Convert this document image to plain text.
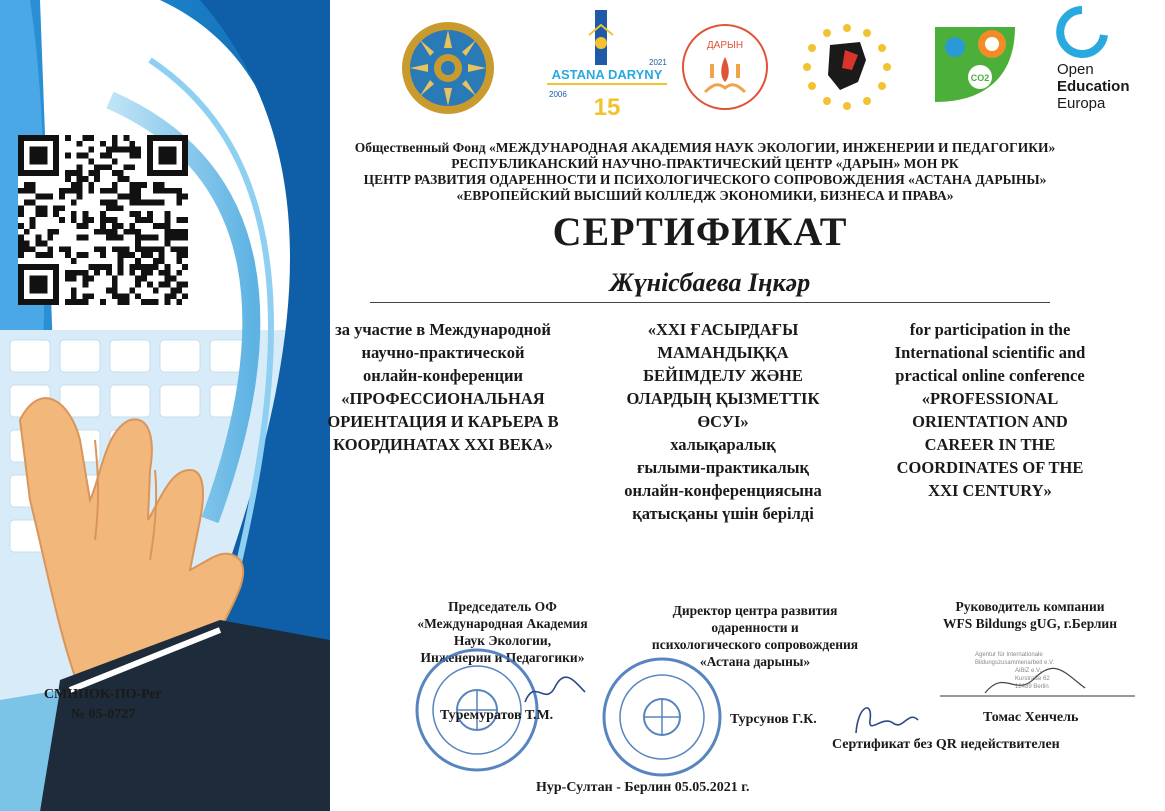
2021
ASTANA DARYNY
2006 15
ДАРЫН
CO2	Open
Education
Europa
Общественный Фонд «МЕЖДУНАРОДНАЯ АКАДЕМИЯ НАУК ЭКОЛОГИИ, ИНЖЕНЕРИИ И ПЕДАГОГИКИ»
РЕСПУБЛИКАНСКИЙ НАУЧНО-ПРАКТИЧЕСКИЙ ЦЕНТР «ДАРЫН» МОН РК
ЦЕНТР РАЗВИТИЯ ОДАРЕННОСТИ И ПСИХОЛОГИЧЕСКОГО СОПРОВОЖДЕНИЯ «АСТАНА ДАРЫНЫ»
«ЕВРОПЕЙСКИЙ ВЫСШИЙ КОЛЛЕДЖ ЭКОНОМИКИ, БИЗНЕСА И ПРАВА»
СЕРТИФИКАТ
Жүнісбаева Іңкәр
за участие в Международной
научно-практической
онлайн-конференции
«ПРОФЕССИОНАЛЬНАЯ
ОРИЕНТАЦИЯ И КАРЬЕРА В
КООРДИНАТАХ XXI ВЕКА»
«XXI ҒАСЫРДАҒЫ
МАМАНДЫҚҚА
БЕЙІМДЕЛУ ЖӘНЕ
ОЛАРДЫҢ ҚЫЗМЕТТІК
ӨСУІ»
халықаралық
ғылыми-практикалық
онлайн-конференциясына
қатысқаны үшін берілді
for participation in the
International scientific and
practical online conference
«PROFESSIONAL
ORIENTATION AND
CAREER IN THE
COORDINATES OF THE
XXI CENTURY»
Председатель ОФ
«Международная Академия
Наук Экологии,
Инженерии и Педагогики»
Директор центра развития
одаренности и
психологического сопровождения
«Астана дарыны»
Руководитель компании
WFS Bildungs gUG, г.Берлин
Agentur für Internationale
Bildungszusammenarbeit e.V.
AiBiZ e.V.
Kurstraße 62
12489 Berlin
Туремуратов Т.М.	Турсунов Г.К.	Томас Хенчель
СМНПОК-ПО-Рег
№ 05-0727
Сертификат без QR недействителен
Нур-Султан - Берлин 05.05.2021 г.
